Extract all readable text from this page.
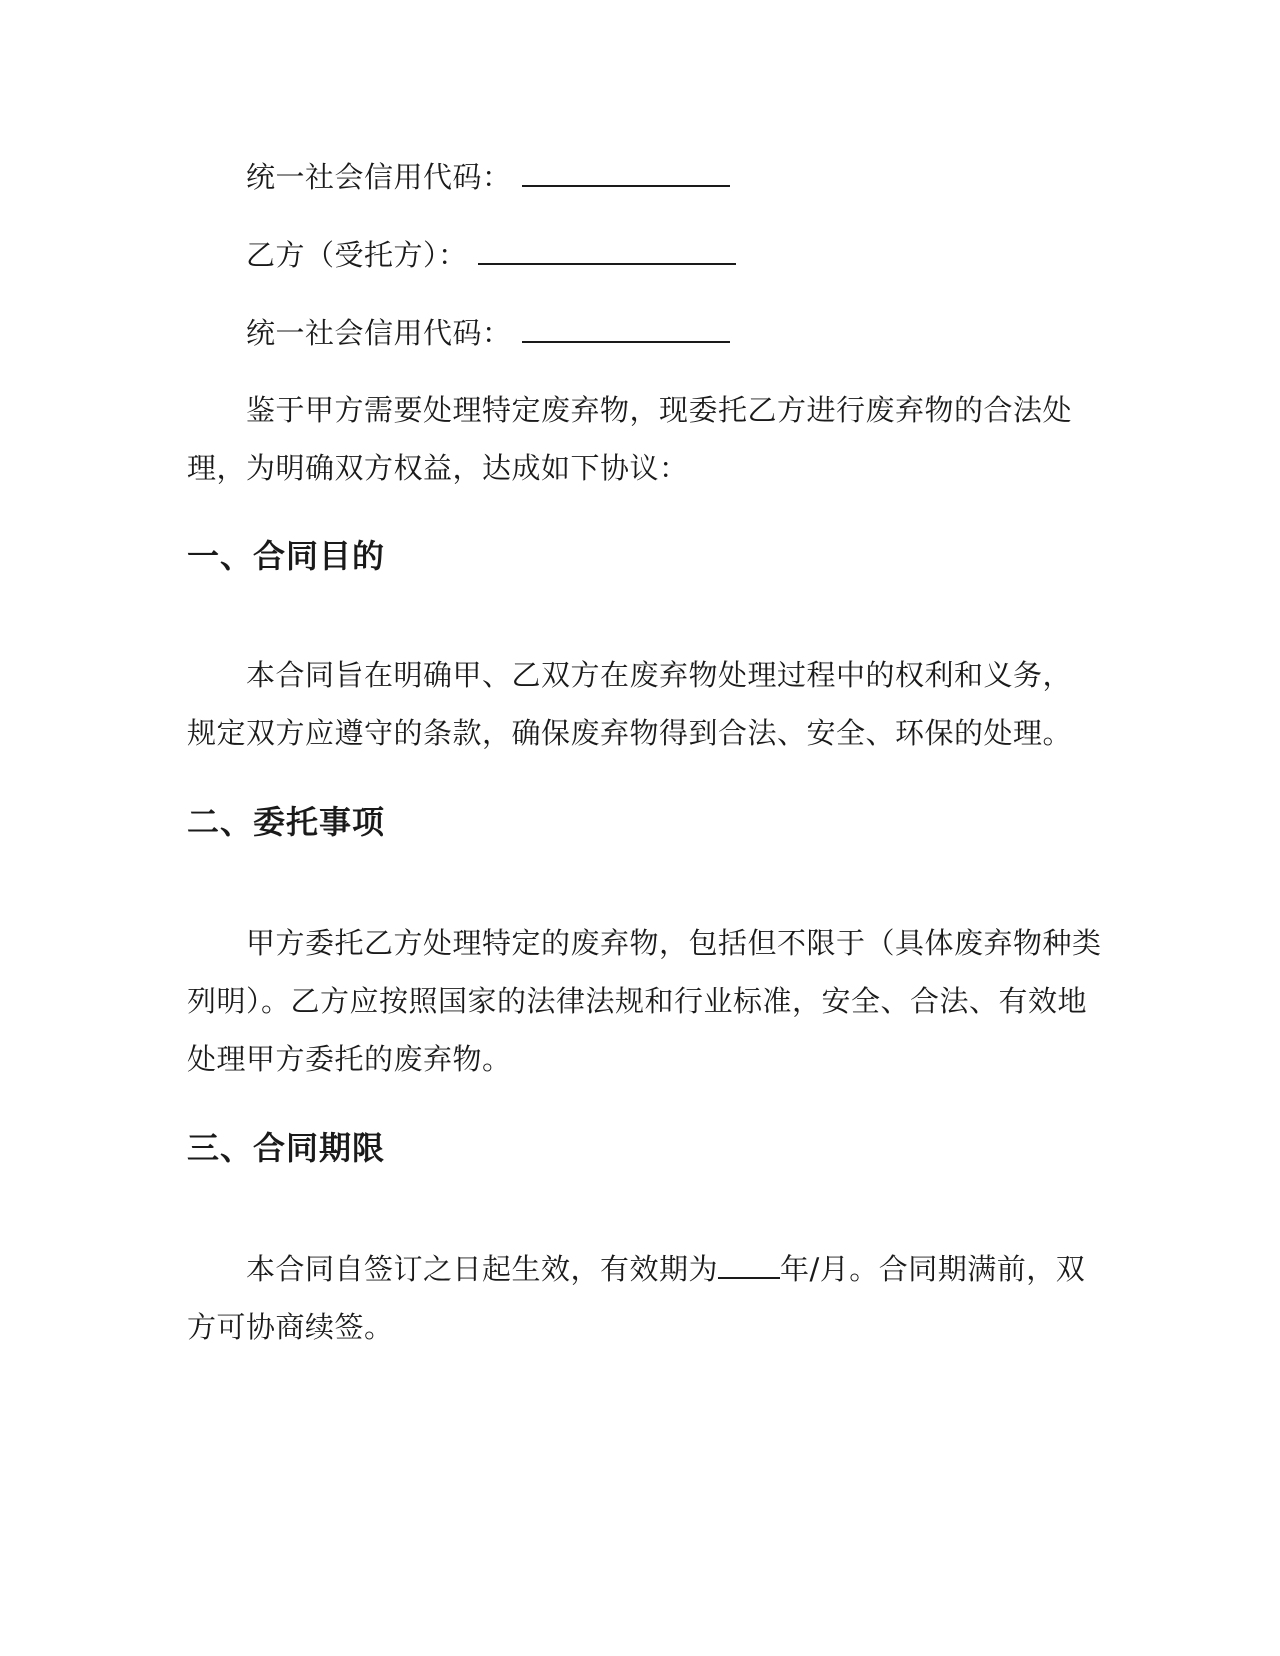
统一社会信用代码：
乙方（受托方）：
统一社会信用代码：
鉴于甲方需要处理特定废弃物，现委托乙方进行废弃物的合法处
理，为明确双方权益，达成如下协议：
一、合同目的
本合同旨在明确甲、乙双方在废弃物处理过程中的权利和义务，
规定双方应遵守的条款，确保废弃物得到合法、安全、环保的处理。
二、委托事项
甲方委托乙方处理特定的废弃物，包括但不限于（具体废弃物种类
列明）。乙方应按照国家的法律法规和行业标准，安全、合法、有效地
处理甲方委托的废弃物。
三、合同期限
本合同自签订之日起生效，有效期为 年/月。合同期满前，双
方可协商续签。
